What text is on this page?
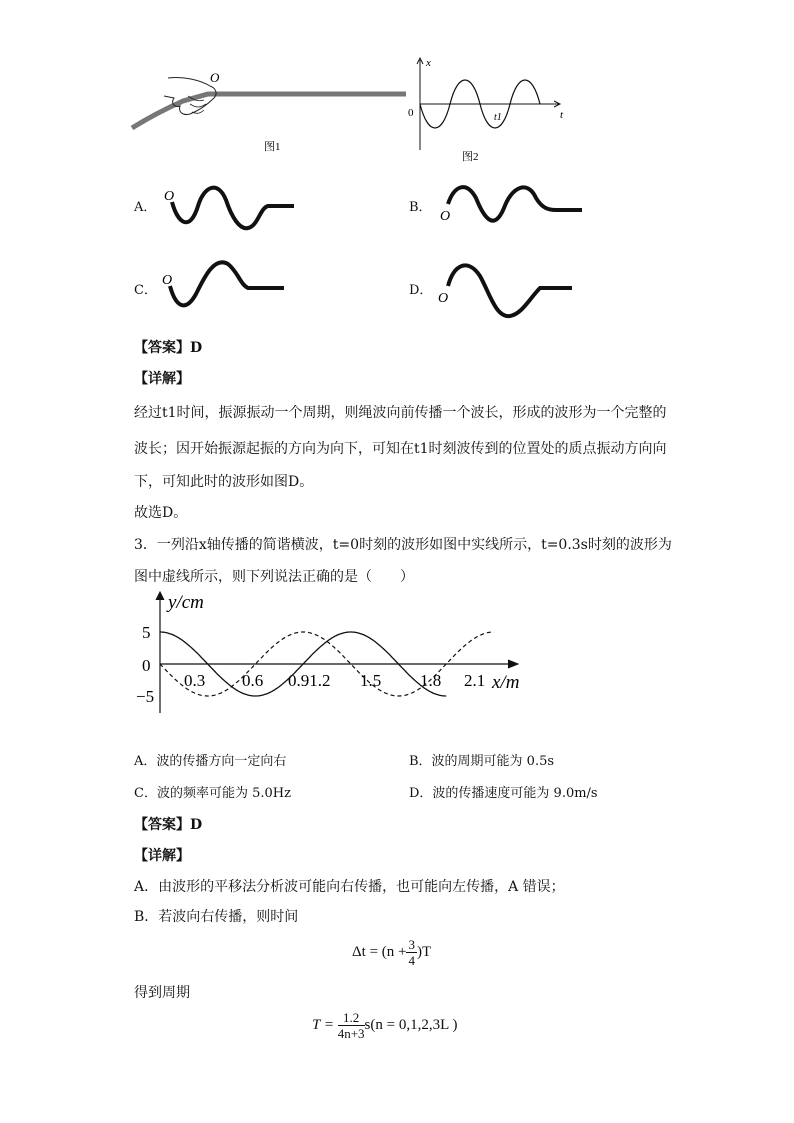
O
图1
x
t
0	t1
图2
A．
O
B．
O
C．
O
D．
O
【答案】D
【详解】
经过t1时间，振源振动一个周期，则绳波向前传播一个波长，形成的波形为一个完整的
波长；因开始振源起振的方向为向下，可知在t1时刻波传到的位置处的质点振动方向向
下，可知此时的波形如图D。
故选D。
3．一列沿x轴传播的简谐横波，t=0时刻的波形如图中实线所示，t=0.3s时刻的波形为
图中虚线所示，则下列说法正确的是（　　）
y/cm
x/m
5
0
−5
0.3 0.6 0.91.2 1.5 1.8 2.1
A．波的传播方向一定向右	B．波的周期可能为 0.5s
C．波的频率可能为 5.0Hz	D．波的传播速度可能为 9.0m/s
【答案】D
【详解】
A．由波形的平移法分析波可能向右传播，也可能向左传播，A 错误；
B．若波向右传播，则时间
$\Delta t = (n + \frac{3}{4} )T$
得到周期
$T = \frac{1.2}{4n+3} s(n = 0,1,2,3L$ )
